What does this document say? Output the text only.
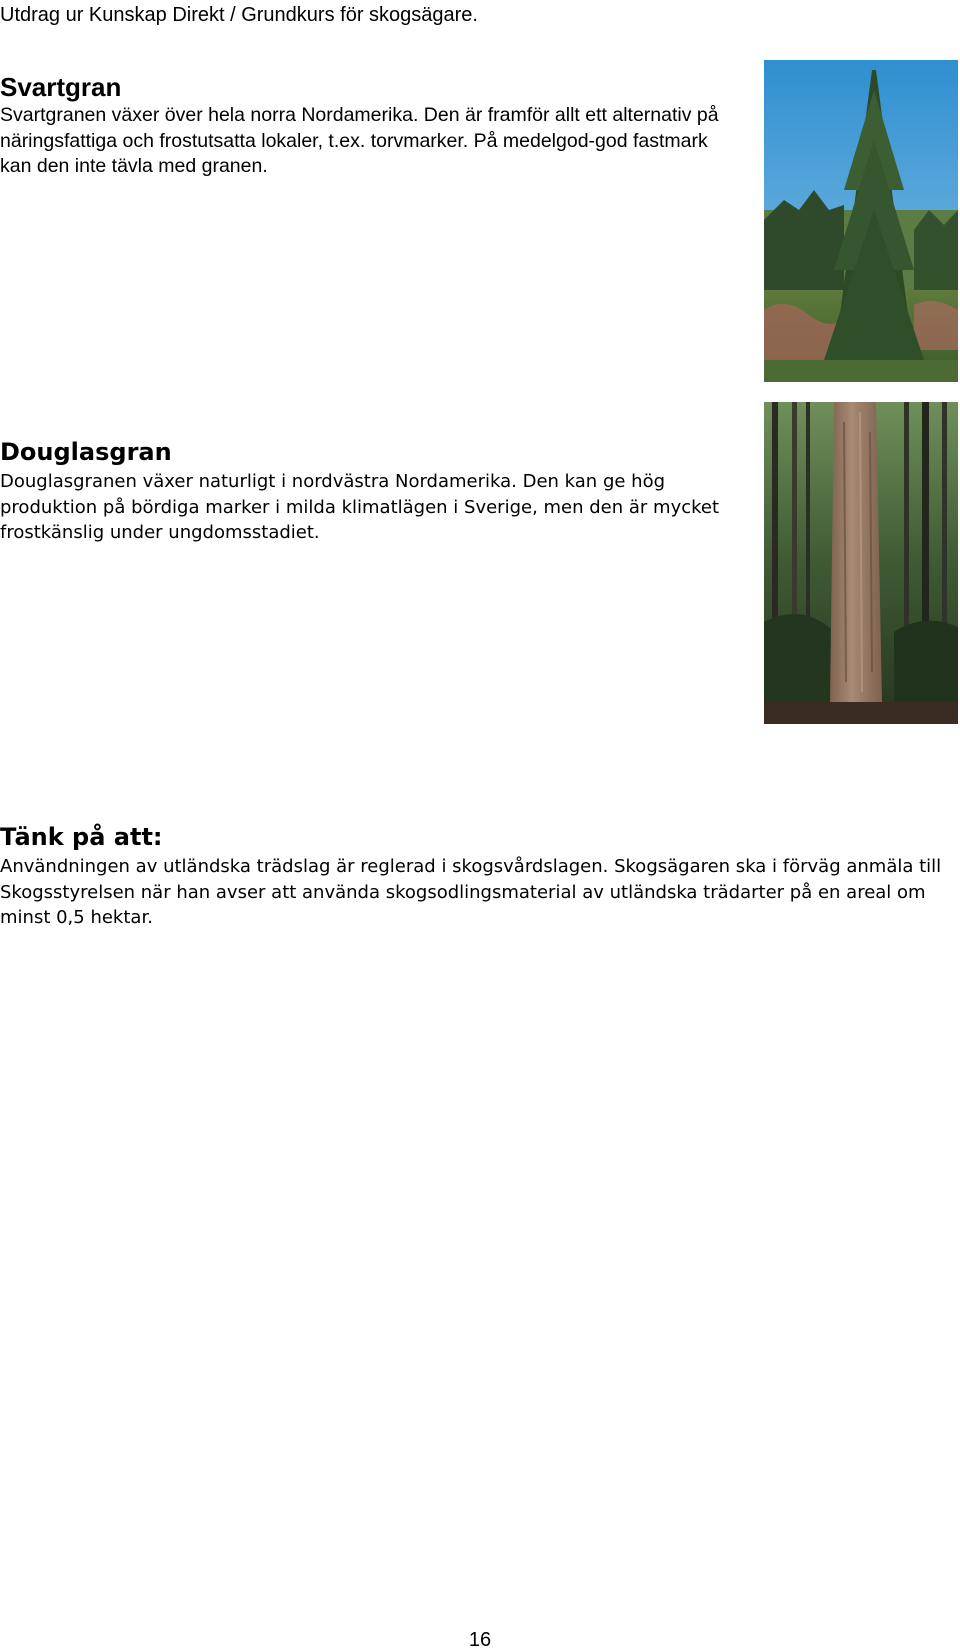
Utdrag ur Kunskap Direkt / Grundkurs för skogsägare.
Svartgran
Svartgranen växer över hela norra Nordamerika. Den är framför allt ett alternativ på näringsfattiga och frostutsatta lokaler, t.ex. torvmarker. På medelgod-god fastmark kan den inte tävla med granen.
Douglasgran
Douglasgranen växer naturligt i nordvästra Nordamerika. Den kan ge hög produktion på bördiga marker i milda klimatlägen i Sverige, men den är mycket frostkänslig under ungdomsstadiet.
Tänk på att:
Användningen av utländska trädslag är reglerad i skogsvårdslagen. Skogsägaren ska i förväg anmäla till Skogsstyrelsen när han avser att använda skogsodlingsmaterial av utländska trädarter på en areal om minst 0,5 hektar.
16
